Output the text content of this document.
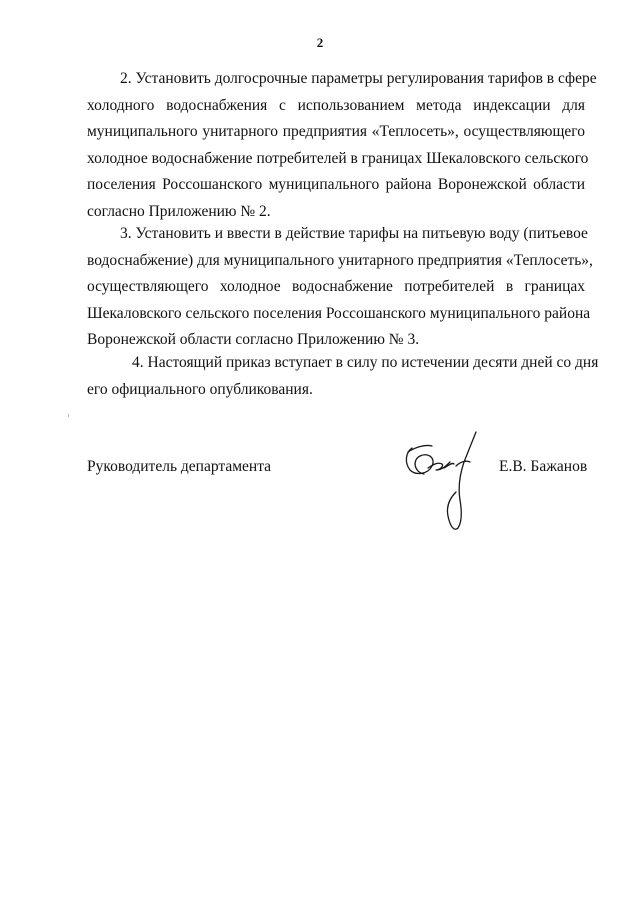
2
2. Установить долгосрочные параметры регулирования тарифов в сфере
холодного водоснабжения с использованием метода индексации для
муниципального унитарного предприятия «Теплосеть», осуществляющего
холодное водоснабжение потребителей в границах Шекаловского сельского
поселения Россошанского муниципального района Воронежской области
согласно Приложению № 2.
3. Установить и ввести в действие тарифы на питьевую воду (питьевое
водоснабжение) для муниципального унитарного предприятия «Теплосеть»,
осуществляющего холодное водоснабжение потребителей в границах
Шекаловского сельского поселения Россошанского муниципального района
Воронежской области согласно Приложению № 3.
4. Настоящий приказ вступает в силу по истечении десяти дней со дня
его официального опубликования.
Руководитель департамента	Е.В. Бажанов
